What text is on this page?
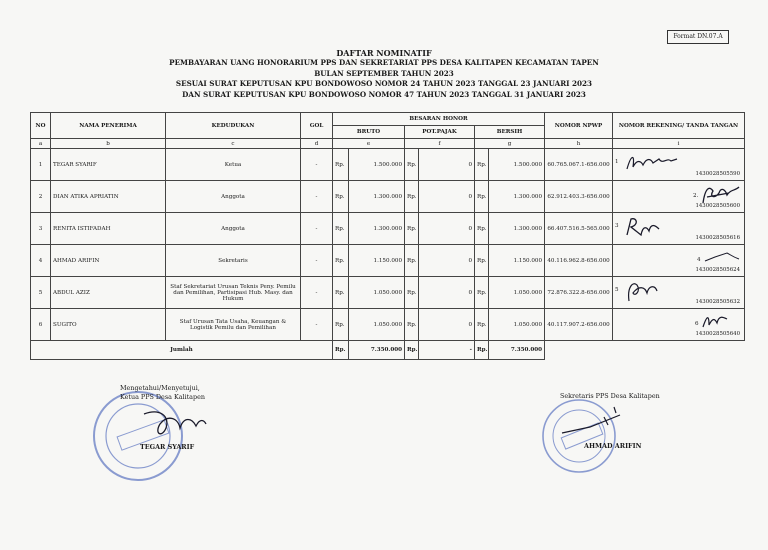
Format DN.07.A
DAFTAR NOMINATIF
PEMBAYARAN UANG HONORARIUM PPS DAN SEKRETARIAT PPS DESA KALITAPEN KECAMATAN TAPEN
BULAN SEPTEMBER TAHUN 2023
SESUAI SURAT KEPUTUSAN KPU BONDOWOSO NOMOR 24 TAHUN 2023 TANGGAL 23 JANUARI 2023
DAN SURAT KEPUTUSAN KPU BONDOWOSO NOMOR 47 TAHUN 2023 TANGGAL 31 JANUARI 2023
NO	NAMA PENERIMA	KEDUDUKAN	GOL	BESARAN HONOR						NOMOR NPWP	NOMOR REKENING/ TANDA TANGAN
				BRUTO		POT.PAJAK		BERSIH			
a	b	c	d	e		f		g		h	i
1	TEGAR SYARIF	Ketua	-	Rp.	1.500.000	Rp.	0	Rp.	1.500.000	60.765.067.1-656.000	1
1430028505590

2	DIAN ATIKA APRIATIN	Anggota	-	Rp.	1.300.000	Rp.	0	Rp.	1.300.000	62.912.403.3-656.000	2.
1430028505600

3	RENITA ISTIFADAH	Anggota	-	Rp.	1.300.000	Rp.	0	Rp.	1.300.000	66.407.516.5-565.000	3
1430028505616

4	AHMAD ARIFIN	Sekretaris	-	Rp.	1.150.000	Rp.	0	Rp.	1.150.000	40.116.962.8-656.000	4
1430028505624

5	ABDUL AZIZ	Staf Sekretariat Urusan Teknis Peny. Pemilu dan Pemilihan, Partisipasi Hub. Masy. dan Hukum	-	Rp.	1.050.000	Rp.	0	Rp.	1.050.000	72.876.322.8-656.000	5
1430028505632

6	SUGITO	Staf Urusan Tata Usaha, Keuangan & Logistik Pemilu dan Pemilihan	-	Rp.	1.050.000	Rp.	0	Rp.	1.050.000	40.117.907.2-656.000	6
1430028505640

Jumlah				Rp.	7.350.000	Rp.	-	Rp.	7.350.000		
Mengetahui/Menyetujui,
Ketua PPS Desa Kalitapen
TEGAR SYARIF
Sekretaris PPS Desa Kalitapen
AHMAD ARIFIN
